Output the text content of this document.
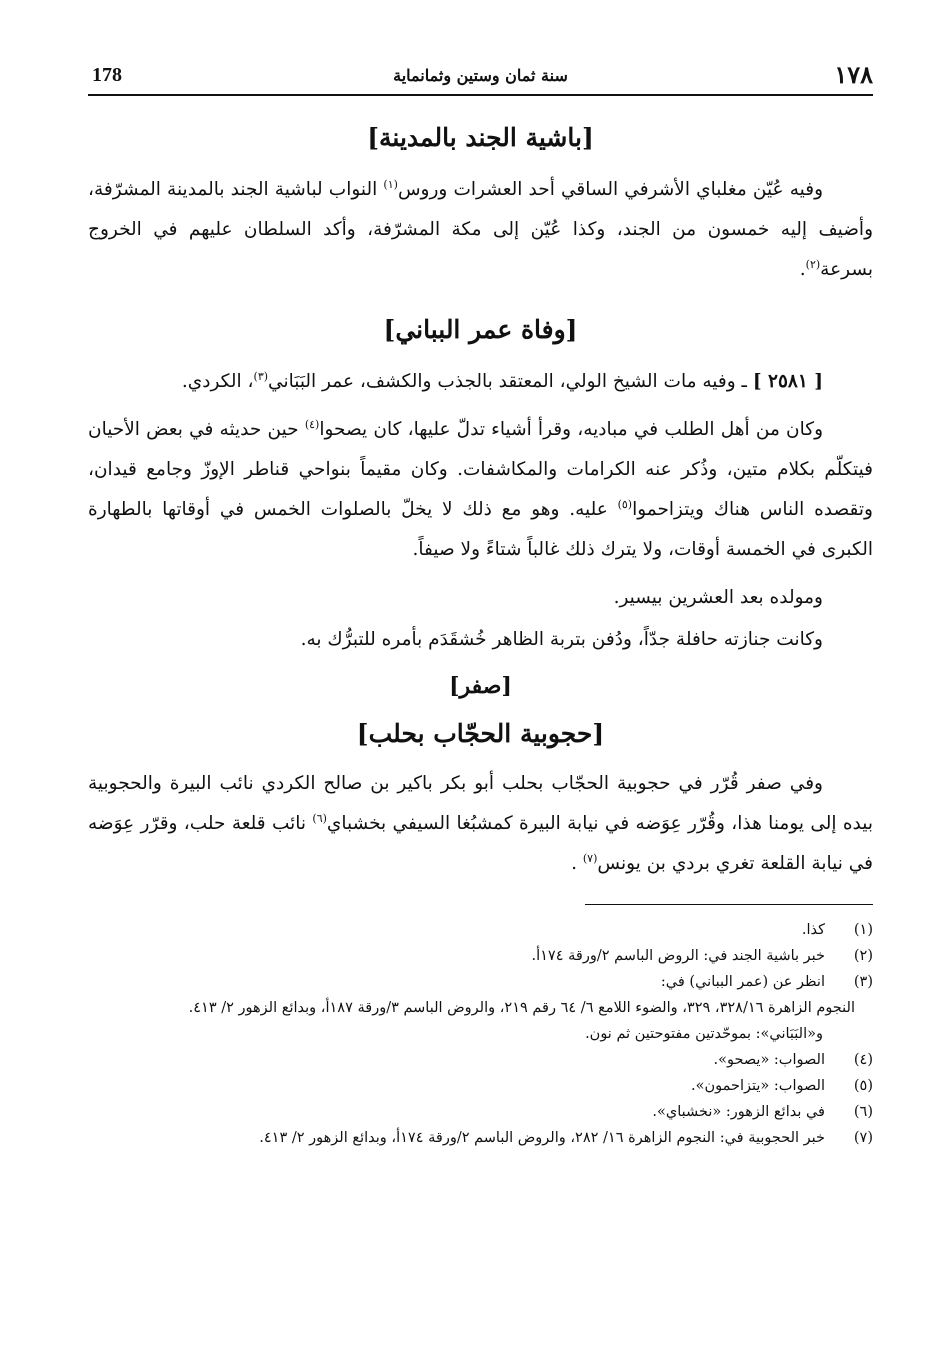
١٧٨
سنة ثمان وستين وثمانماية
178
[باشية الجند بالمدينة]

وفيه عُيّن مغلباي الأشرفي الساقي أحد العشرات وروس$^{(١)}$ النواب لباشية الجند بالمدينة المشرّفة، وأضيف إليه خمسون من الجند، وكذا عُيّن إلى مكة المشرّفة، وأكد السلطان عليهم في الخروج بسرعة$^{(٢)}$.

[وفاة عمر البباني]

[ ٢٥٨١ ] ـ وفيه مات الشيخ الولي، المعتقد بالجذب والكشف، عمر البَبَاني$^{(٣)}$، الكردي.

وكان من أهل الطلب في مباديه، وقرأ أشياء تدلّ عليها، كان يصحوا$^{(٤)}$ حين حديثه في بعض الأحيان فيتكلّم بكلام متين، وذُكر عنه الكرامات والمكاشفات. وكان مقيماً بنواحي قناطر الإوزّ وجامع قيدان، وتقصده الناس هناك ويتزاحموا$^{(٥)}$ عليه. وهو مع ذلك لا يخلّ بالصلوات الخمس في أوقاتها بالطهارة الكبرى في الخمسة أوقات، ولا يترك ذلك غالباً شتاءً ولا صيفاً.

ومولده بعد العشرين بيسير.

وكانت جنازته حافلة جدّاً، ودُفن بتربة الظاهر خُشقَدَم بأمره للتبرُّك به.

[صفر]
[حجوبية الحجّاب بحلب]

وفي صفر قُرّر في حجوبية الحجّاب بحلب أبو بكر باكير بن صالح الكردي نائب البيرة والحجوبية بيده إلى يومنا هذا، وقُرّر عِوَضه في نيابة البيرة كمشبُغا السيفي بخشباي$^{(٦)}$ نائب قلعة حلب، وقرّر عِوَضه في نيابة القلعة تغري بردي بن يونس$^{(٧)}$ .

(١)
كذا.
(٢)
خبر باشية الجند في: الروض الباسم ٢/ورقة ١٧٤أ.
(٣)
انظر عن (عمر البباني) في:
النجوم الزاهرة ٣٢٨/١٦، ٣٢٩، والضوء اللامع ٦/ ٦٤ رقم ٢١٩، والروض الباسم ٣/ورقة ١٨٧أ، وبدائع الزهور ٢/ ٤١٣.
و«البَبَاني»: بموحّدتين مفتوحتين ثم نون.
(٤)
الصواب: «يصحو».
(٥)
الصواب: «يتزاحمون».
(٦)
في بدائع الزهور: «نخشباي».
(٧)
خبر الحجوبية في: النجوم الزاهرة ١٦/ ٢٨٢، والروض الباسم ٢/ورقة ١٧٤أ، وبدائع الزهور ٢/ ٤١٣.
